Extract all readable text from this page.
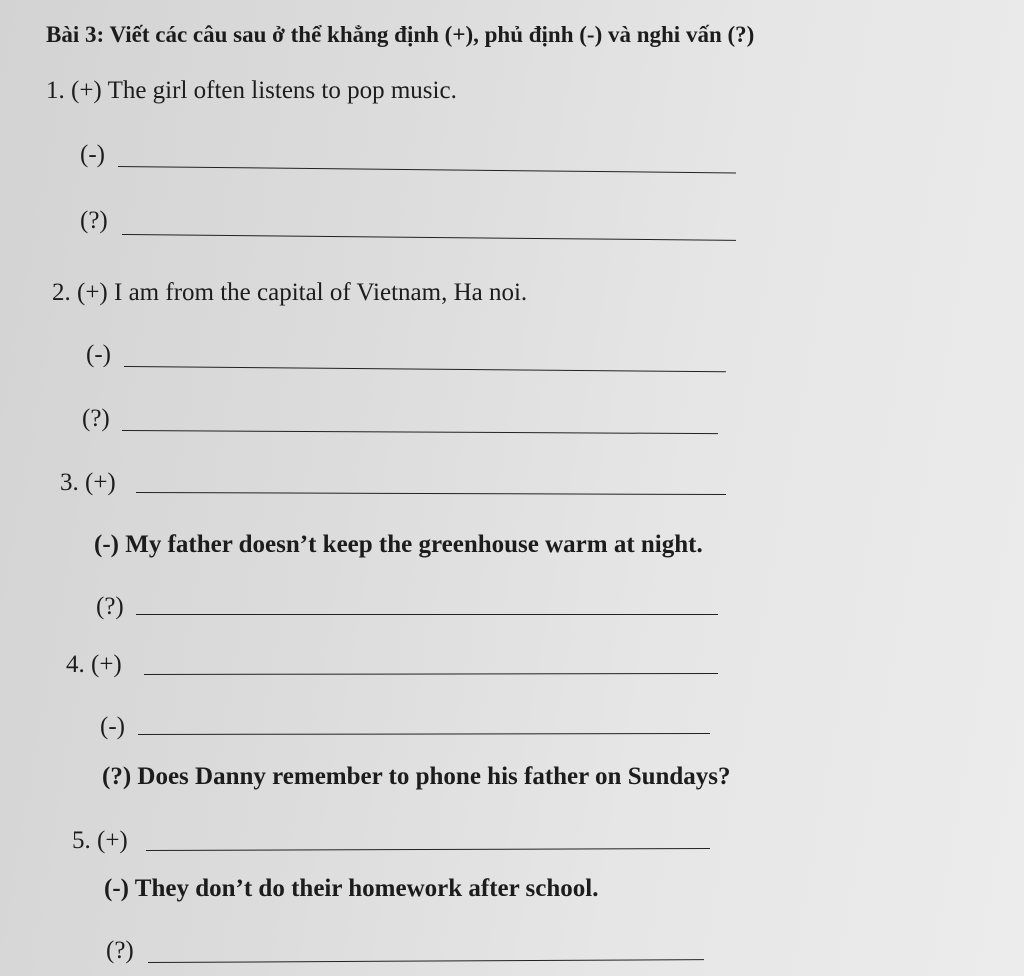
Bài 3: Viết các câu sau ở thể khẳng định (+), phủ định (-) và nghi vấn (?)
1. (+) The girl often listens to pop music.
(-)
(?)
2. (+) I am from the capital of Vietnam, Ha noi.
(-)
(?)
3. (+)
(-) My father doesn’t keep the greenhouse warm at night.
(?)
4. (+)
(-)
(?) Does Danny remember to phone his father on Sundays?
5. (+)
(-) They don’t do their homework after school.
(?)
